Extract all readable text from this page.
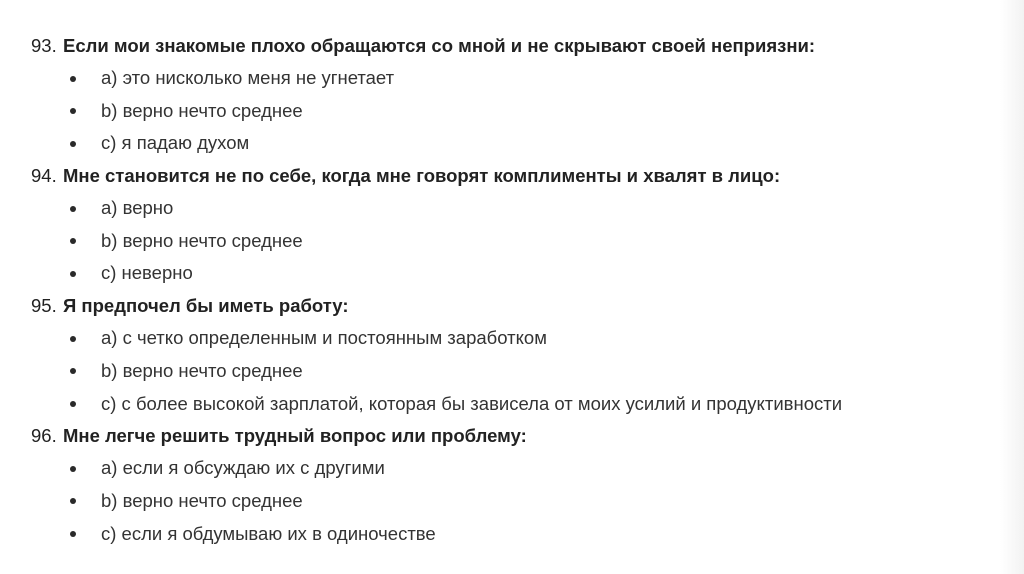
93. Если мои знакомые плохо обращаются со мной и не скрывают своей неприязни:
a) это нисколько меня не угнетает
b) верно нечто среднее
c) я падаю духом
94. Мне становится не по себе, когда мне говорят комплименты и хвалят в лицо:
a) верно
b) верно нечто среднее
c) неверно
95. Я предпочел бы иметь работу:
a) с четко определенным и постоянным заработком
b) верно нечто среднее
c) с более высокой зарплатой, которая бы зависела от моих усилий и продуктивности
96. Мне легче решить трудный вопрос или проблему:
a) если я обсуждаю их с другими
b) верно нечто среднее
c) если я обдумываю их в одиночестве
